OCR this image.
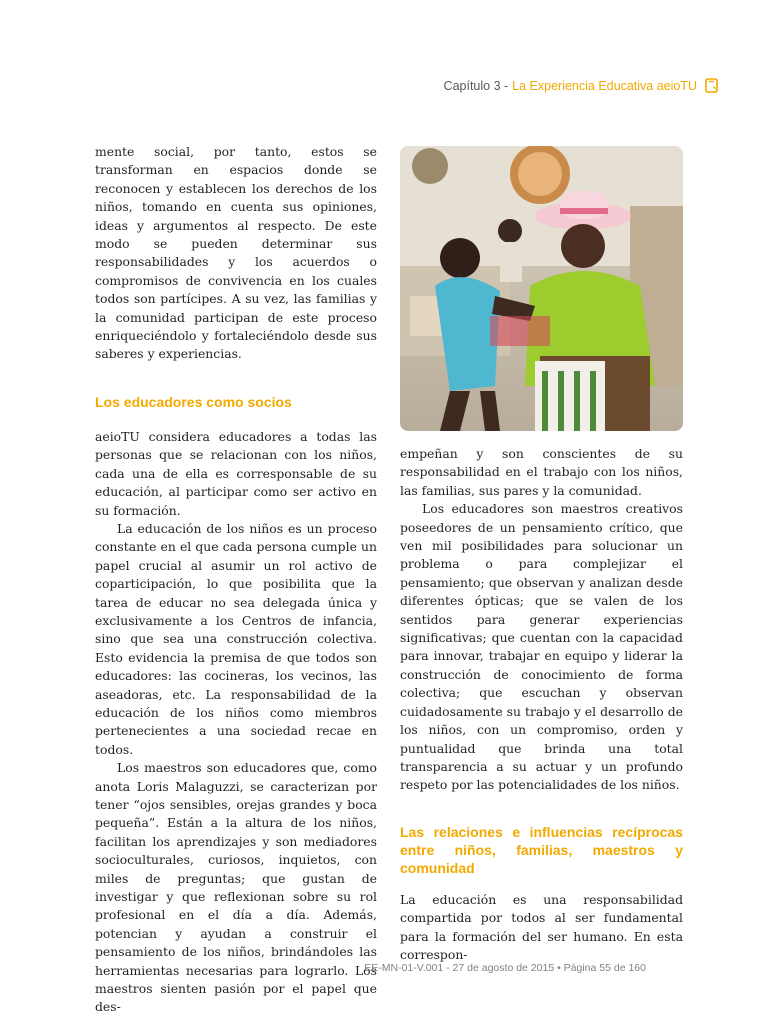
Capítulo 3 - La Experiencia Educativa aeioTU

mente social, por tanto, estos se transforman en espacios donde se reconocen y establecen los derechos de los niños, tomando en cuenta sus opiniones, ideas y argumentos al respecto. De este modo se pueden determinar sus responsabilidades y los acuerdos o compromisos de convivencia en los cuales todos son partícipes. A su vez, las familias y la comunidad participan de este proceso enriqueciéndolo y fortaleciéndolo desde sus saberes y experiencias.

Los educadores como socios

aeioTU considera educadores a todas las personas que se relacionan con los niños, cada una de ella es corresponsable de su educación, al participar como ser activo en su formación.

La educación de los niños es un proceso constante en el que cada persona cumple un papel crucial al asumir un rol activo de coparticipación, lo que posibilita que la tarea de educar no sea delegada única y exclusivamente a los Centros de infancia, sino que sea una construcción colectiva. Esto evidencia la premisa de que todos son educadores: las cocineras, los vecinos, las aseadoras, etc. La responsabilidad de la educación de los niños como miembros pertenecientes a una sociedad recae en todos.

Los maestros son educadores que, como anota Loris Malaguzzi, se caracterizan por tener “ojos sensibles, orejas grandes y boca pequeña”. Están a la altura de los niños, facilitan los aprendizajes y son mediadores socioculturales, curiosos, inquietos, con miles de preguntas; que gustan de investigar y que reflexionan sobre su rol profesional en el día a día. Además, potencian y ayudan a construir el pensamiento de los niños, brindándoles las herramientas necesarias para lograrlo. Los maestros sienten pasión por el papel que des-

empeñan y son conscientes de su responsabilidad en el trabajo con los niños, las familias, sus pares y la comunidad.

Los educadores son maestros creativos poseedores de un pensamiento crítico, que ven mil posibilidades para solucionar un problema o para complejizar el pensamiento; que observan y analizan desde diferentes ópticas; que se valen de los sentidos para generar experiencias significativas; que cuentan con la capacidad para innovar, trabajar en equipo y liderar la construcción de conocimiento de forma colectiva; que escuchan y observan cuidadosamente su trabajo y el desarrollo de los niños, con un compromiso, orden y puntualidad que brinda una total transparencia a su actuar y un profundo respeto por las potencialidades de los niños.

Las relaciones e influencias recíprocas entre niños, familias, maestros y comunidad

La educación es una responsabilidad compartida por todos al ser fundamental para la formación del ser humano. En esta correspon-

EE-MN-01-V.001 - 27 de agosto de 2015 • Página 55 de 160
